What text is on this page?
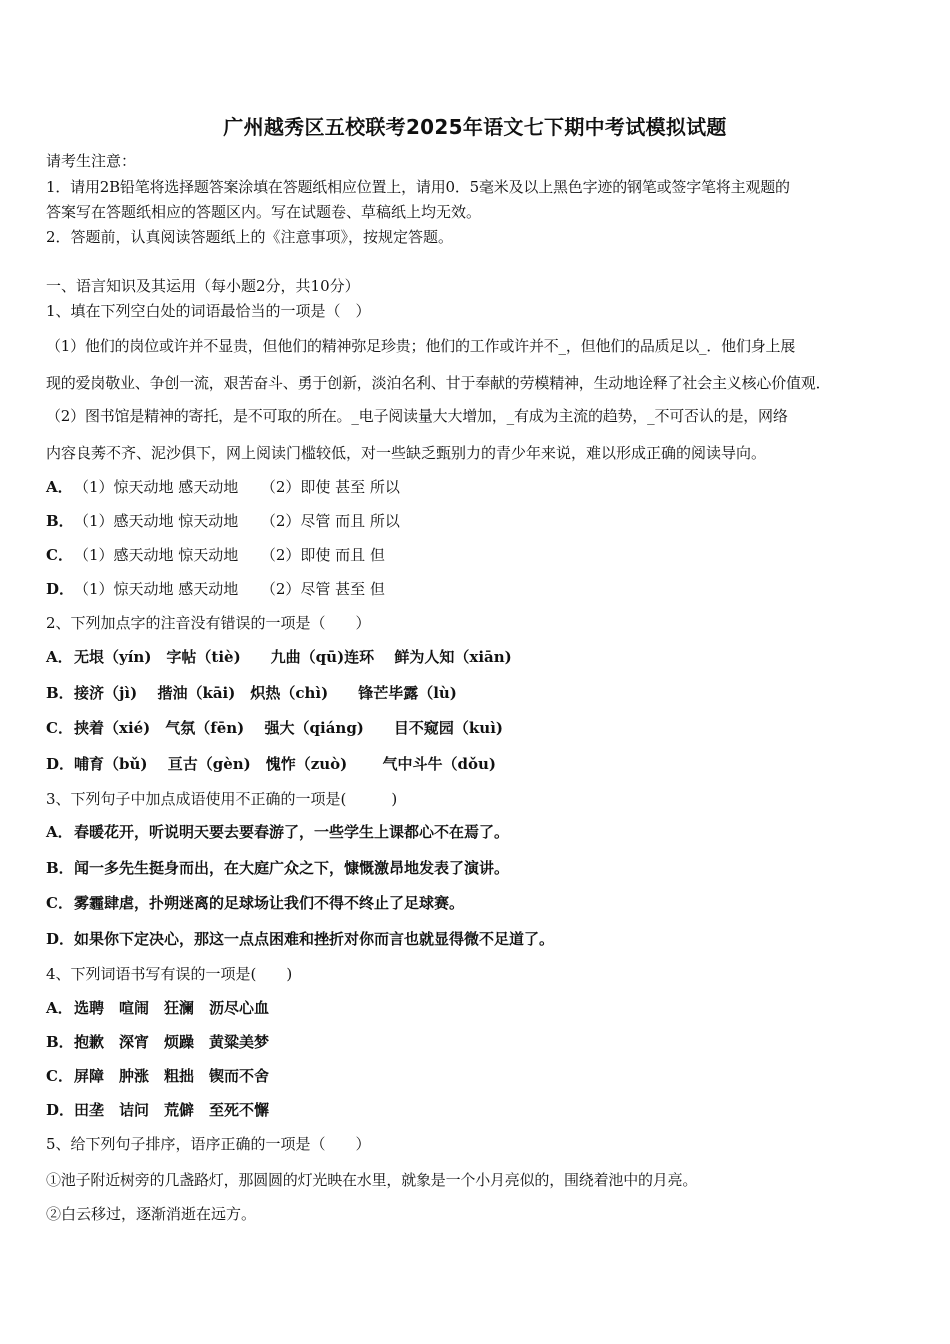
广州越秀区五校联考2025年语文七下期中考试模拟试题
请考生注意：
1．请用2B铅笔将选择题答案涂填在答题纸相应位置上，请用0．5毫米及以上黑色字迹的钢笔或签字笔将主观题的
答案写在答题纸相应的答题区内。写在试题卷、草稿纸上均无效。
2．答题前，认真阅读答题纸上的《注意事项》，按规定答题。
一、语言知识及其运用（每小题2分，共10分）
1、填在下列空白处的词语最恰当的一项是（　）
（1）他们的岗位或许并不显贵，但他们的精神弥足珍贵；他们的工作或许并不_，但他们的品质足以_．他们身上展
现的爱岗敬业、争创一流，艰苦奋斗、勇于创新，淡泊名利、甘于奉献的劳模精神，生动地诠释了社会主义核心价值观．
（2）图书馆是精神的寄托，是不可取的所在。_电子阅读量大大增加，_有成为主流的趋势，_不可否认的是，网络
内容良莠不齐、泥沙俱下，网上阅读门槛较低，对一些缺乏甄别力的青少年来说，难以形成正确的阅读导向。
A．（1）惊天动地 感天动地　　（2）即使 甚至 所以
B．（1）感天动地 惊天动地　　（2）尽管 而且 所以
C．（1）感天动地 惊天动地　　（2）即使 而且 但
D．（1）惊天动地 感天动地　　（2）尽管 甚至 但
2、下列加点字的注音没有错误的一项是（　　）
A．无垠（yín)　字帖（tiè)　　九曲（qū)连环　 鲜为人知（xiān)
B．接济（jì)　 揩油（kāi)　炽热（chì)　　锋芒毕露（lù)
C．挟着（xié)　气氛（fēn)　 强大（qiáng)　　目不窥园（kuì)
D．哺育（bǔ)　 亘古（gèn)　愧怍（zuò)　　 气中斗牛（dǒu)
3、下列句子中加点成语使用不正确的一项是(　　　)
A．春暖花开，听说明天要去要春游了，一些学生上课都心不在焉了。
B．闻一多先生挺身而出，在大庭广众之下，慷慨激昂地发表了演讲。
C．雾霾肆虐，扑朔迷离的足球场让我们不得不终止了足球赛。
D．如果你下定决心，那这一点点困难和挫折对你而言也就显得微不足道了。
4、下列词语书写有误的一项是(　　)
A．选聘　喧闹　狂澜　沥尽心血
B．抱歉　深宵　烦躁　黄粱美梦
C．屏障　肿涨　粗拙　锲而不舍
D．田垄　诘问　荒僻　至死不懈
5、给下列句子排序，语序正确的一项是（　　）
①池子附近树旁的几盏路灯，那圆圆的灯光映在水里，就象是一个小月亮似的，围绕着池中的月亮。
②白云移过，逐渐消逝在远方。
